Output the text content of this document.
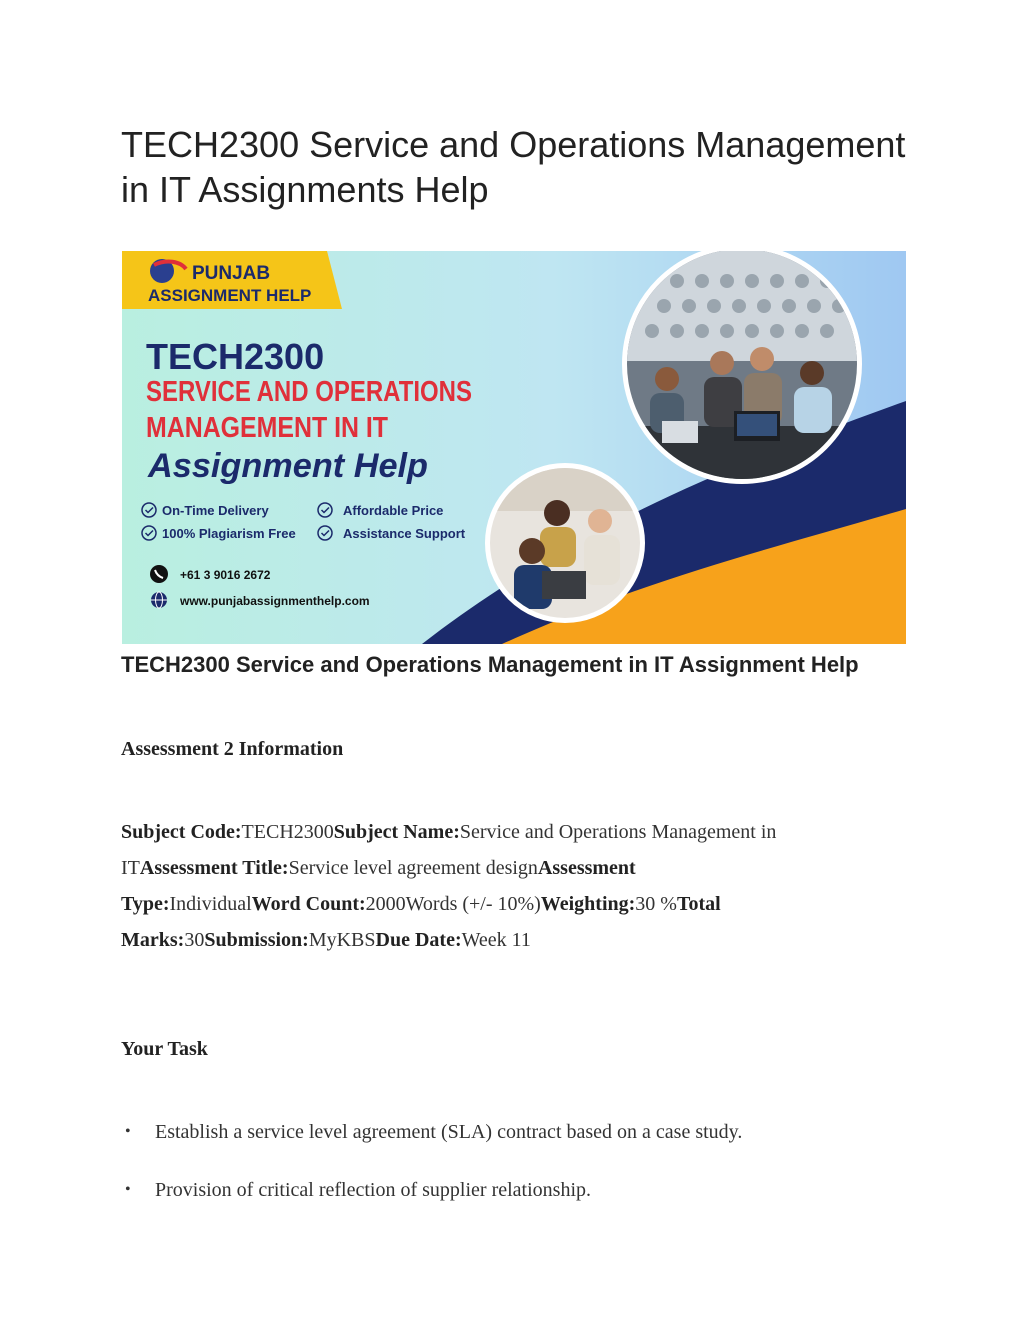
TECH2300 Service and Operations Management in IT Assignments Help
PUNJAB
ASSIGNMENT HELP
TECH2300
SERVICE AND OPERATIONS
MANAGEMENT IN IT
Assignment Help
On-Time Delivery	Affordable Price
100% Plagiarism Free	Assistance Support
+61 3 9016 2672
www.punjabassignmenthelp.com
TECH2300 Service and Operations Management in IT Assignment Help
Assessment 2 Information

Subject Code:TECH2300Subject Name:Service and Operations Management in ITAssessment Title:Service level agreement designAssessment Type:IndividualWord Count:2000Words (+/- 10%)Weighting:30 %Total Marks:30Submission:MyKBSDue Date:Week 11

Your Task
• Establish a service level agreement (SLA) contract based on a case study.
• Provision of critical reflection of supplier relationship.
